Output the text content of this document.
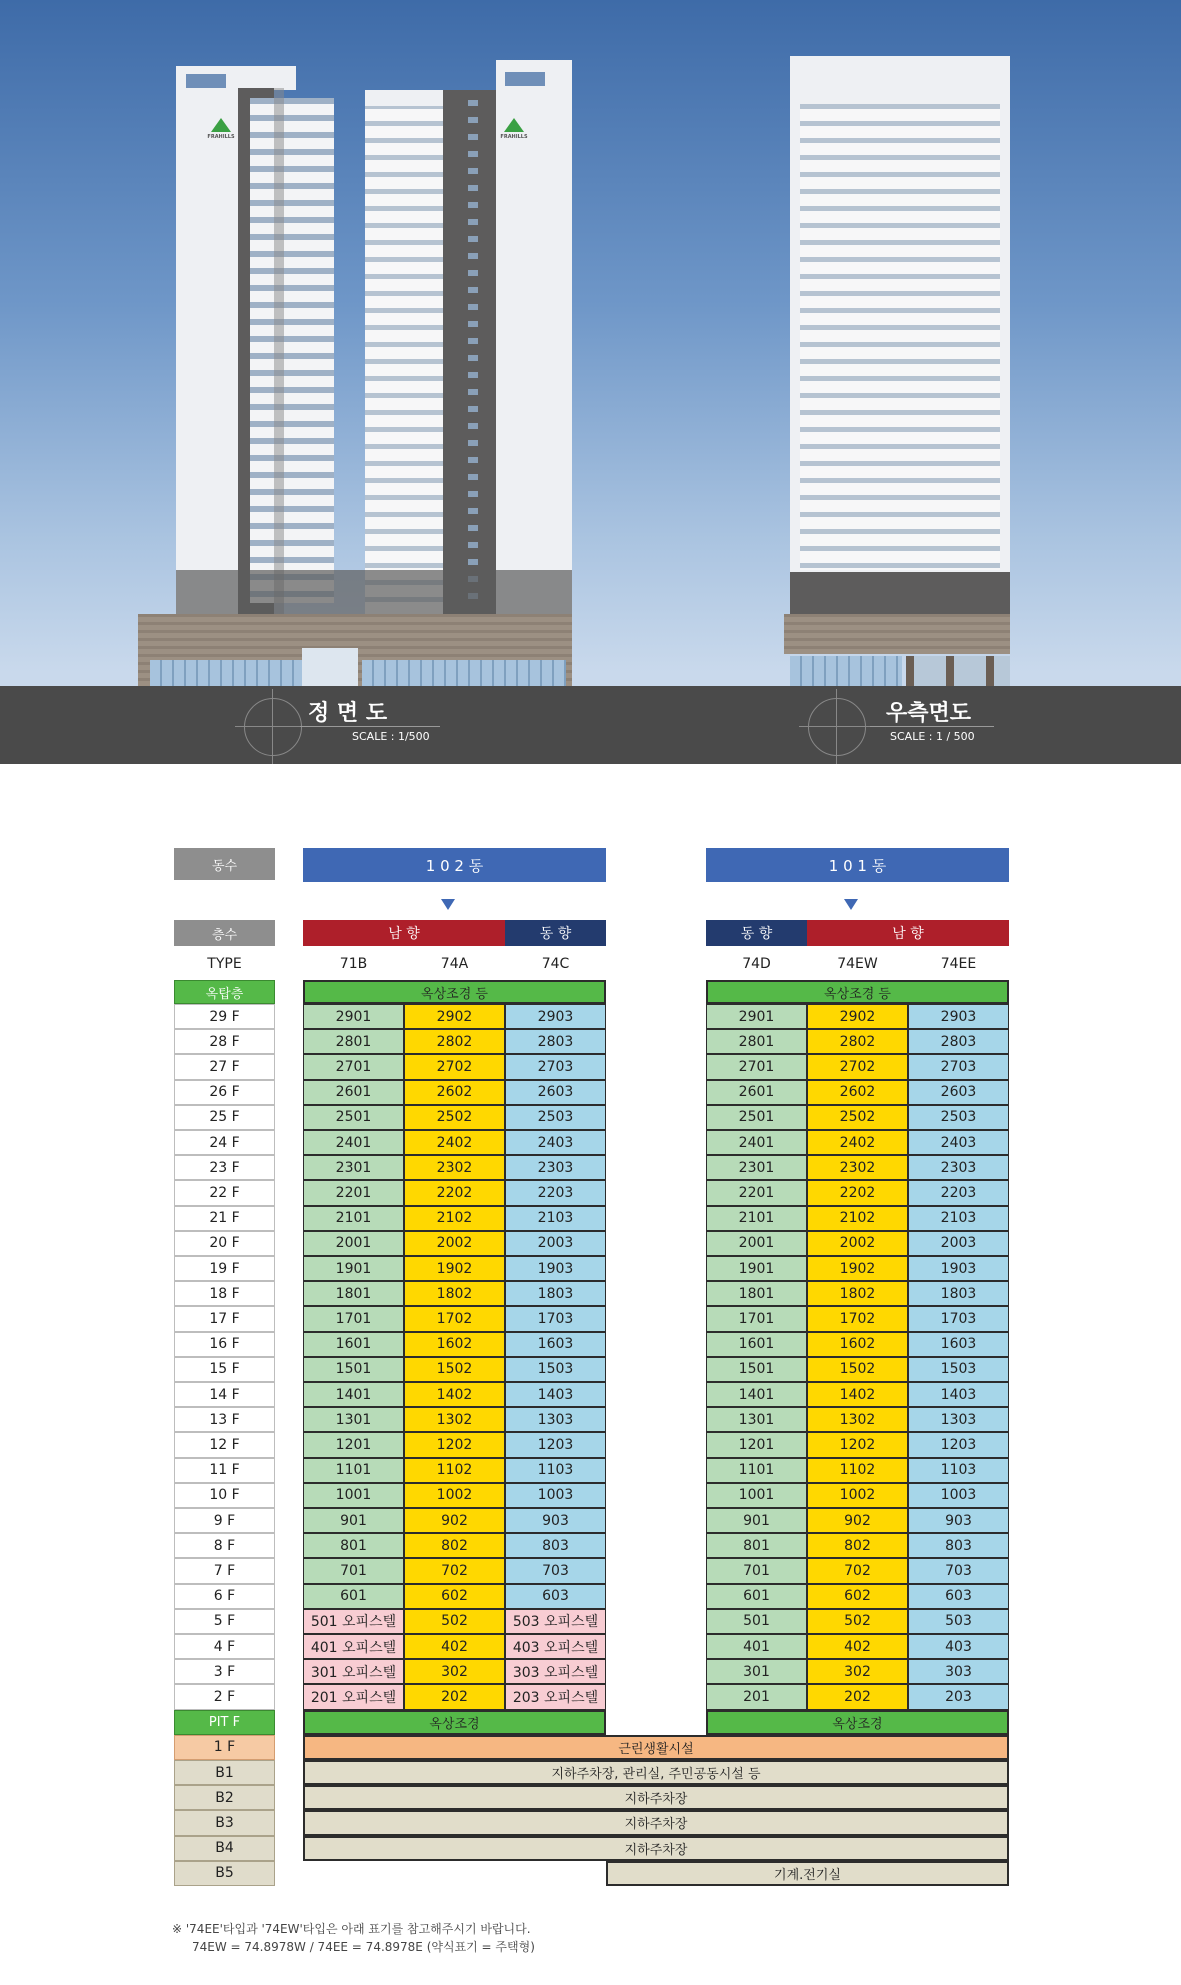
FRAHILLS	FRAHILLS
정 면 도
SCALE : 1/500
우측면도
SCALE : 1 / 500
동수	1 0 2 동	1 0 1 동
층수	남 향	동 향	동 향	남 향
TYPE	71B	74A	74C	74D	74EW	74EE
옥탑층	옥상조경 등	옥상조경 등
29 F	2901	2902	2903	2901	2902	2903
28 F	2801	2802	2803	2801	2802	2803
27 F	2701	2702	2703	2701	2702	2703
26 F	2601	2602	2603	2601	2602	2603
25 F	2501	2502	2503	2501	2502	2503
24 F	2401	2402	2403	2401	2402	2403
23 F	2301	2302	2303	2301	2302	2303
22 F	2201	2202	2203	2201	2202	2203
21 F	2101	2102	2103	2101	2102	2103
20 F	2001	2002	2003	2001	2002	2003
19 F	1901	1902	1903	1901	1902	1903
18 F	1801	1802	1803	1801	1802	1803
17 F	1701	1702	1703	1701	1702	1703
16 F	1601	1602	1603	1601	1602	1603
15 F	1501	1502	1503	1501	1502	1503
14 F	1401	1402	1403	1401	1402	1403
13 F	1301	1302	1303	1301	1302	1303
12 F	1201	1202	1203	1201	1202	1203
11 F	1101	1102	1103	1101	1102	1103
10 F	1001	1002	1003	1001	1002	1003
9 F	901	902	903	901	902	903
8 F	801	802	803	801	802	803
7 F	701	702	703	701	702	703
6 F	601	602	603	601	602	603
5 F	501 오피스텔	502	503 오피스텔	501	502	503
4 F	401 오피스텔	402	403 오피스텔	401	402	403
3 F	301 오피스텔	302	303 오피스텔	301	302	303
2 F	201 오피스텔	202	203 오피스텔	201	202	203
PIT F	옥상조경	옥상조경
1 F	근린생활시설
B1	지하주차장, 관리실, 주민공동시설 등
B2	지하주차장
B3	지하주차장
B4	지하주차장
B5	기계.전기실
※ '74EE'타입과 '74EW'타입은 아래 표기를 참고해주시기 바랍니다.
74EW = 74.8978W / 74EE = 74.8978E (약식표기 = 주택형)
